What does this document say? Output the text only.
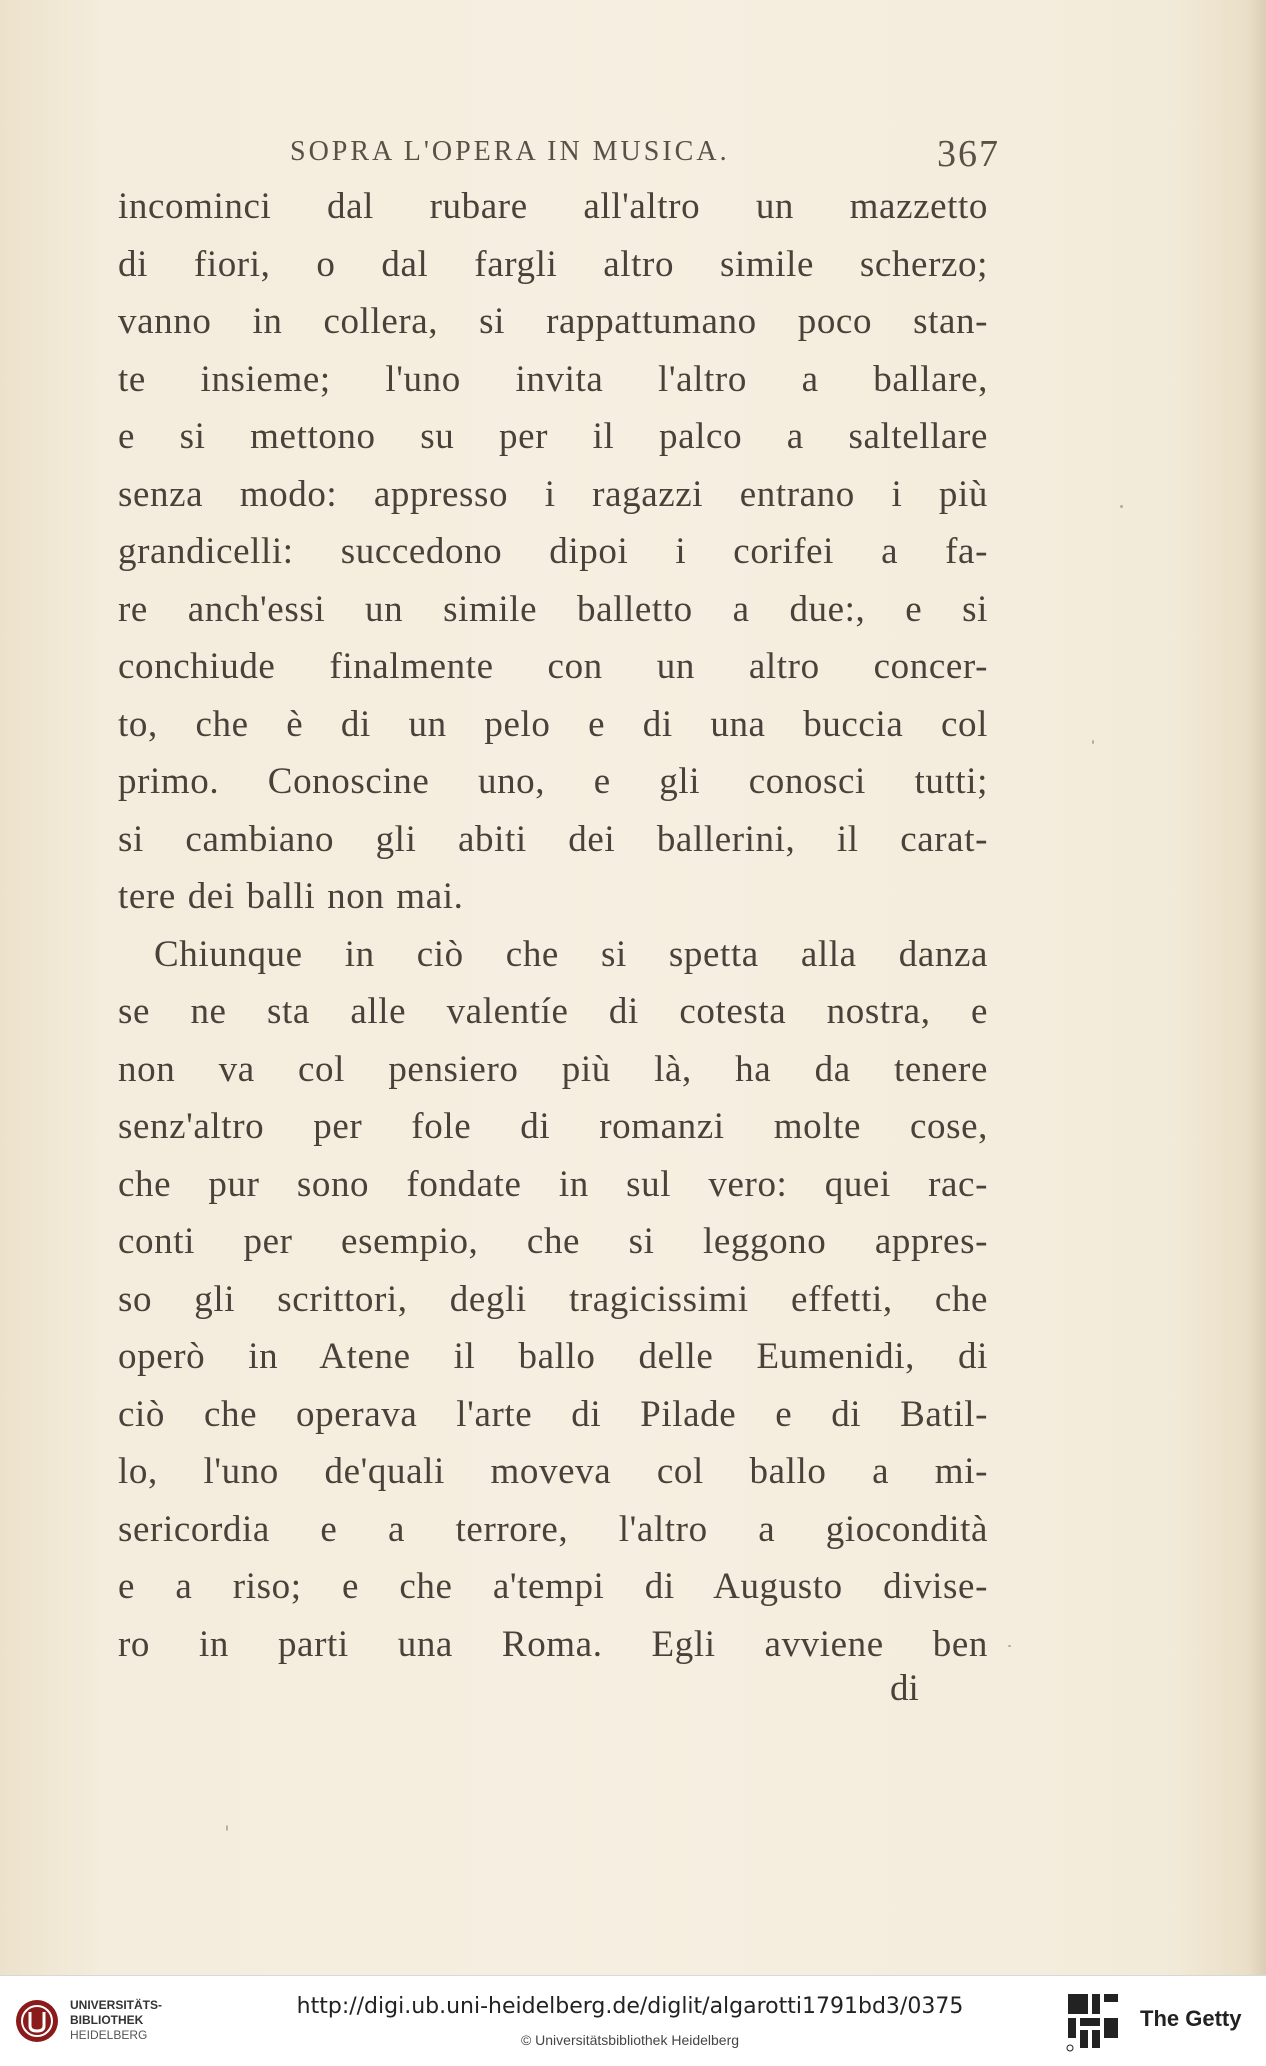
SOPRA L'OPERA IN MUSICA.	367
incominci dal rubare all'altro un mazzetto
di fiori, o dal fargli altro simile scherzo;
vanno in collera, si rappattumano poco stan-
te insieme; l'uno invita l'altro a ballare,
e si mettono su per il palco a saltellare
senza modo: appresso i ragazzi entrano i più
grandicelli: succedono dipoi i corifei a fa-
re anch'essi un simile balletto a due:, e si
conchiude finalmente con un altro concer-
to, che è di un pelo e di una buccia col
primo. Conoscine uno, e gli conosci tutti;
si cambiano gli abiti dei ballerini, il carat-
tere dei balli non mai.
Chiunque in ciò che si spetta alla danza
se ne sta alle valentíe di cotesta nostra, e
non va col pensiero più là, ha da tenere
senz'altro per fole di romanzi molte cose,
che pur sono fondate in sul vero: quei rac-
conti per esempio, che si leggono appres-
so gli scrittori, degli tragicissimi effetti, che
operò in Atene il ballo delle Eumenidi, di
ciò che operava l'arte di Pilade e di Batil-
lo, l'uno de'quali moveva col ballo a mi-
sericordia e a terrore, l'altro a giocondità
e a riso; e che a'tempi di Augusto divise-
ro in parti una Roma. Egli avviene ben
di
UNIVERSITÄTS-
BIBLIOTHEK
HEIDELBERG
http://digi.ub.uni-heidelberg.de/diglit/algarotti1791bd3/0375
© Universitätsbibliothek Heidelberg
The Getty
